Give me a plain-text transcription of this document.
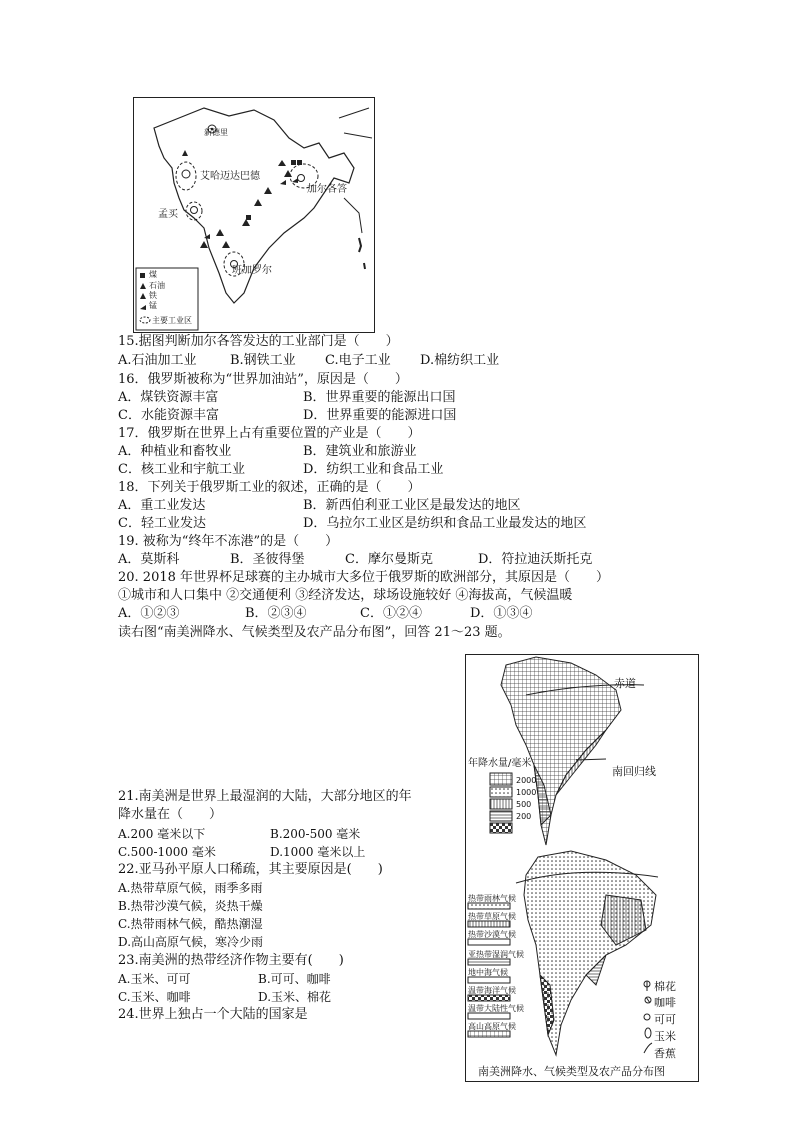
新德里
艾哈迈达巴德
加尔各答
孟买
班加罗尔
煤
石油
铁
锰
主要工业区
15.据图判断加尔各答发达的工业部门是（　　）
A.石油加工业	B.钢铁工业 C.电子工业 D.棉纺织工业
16．俄罗斯被称为“世界加油站”，原因是（　　）
A．煤铁资源丰富	B．世界重要的能源出口国
C．水能资源丰富	D．世界重要的能源进口国
17．俄罗斯在世界上占有重要位置的产业是（　　）
A．种植业和畜牧业	B．建筑业和旅游业
C．核工业和宇航工业	D．纺织工业和食品工业
18．下列关于俄罗斯工业的叙述，正确的是（　　）
A．重工业发达	B．新西伯利亚工业区是最发达的地区
C．轻工业发达	D．乌拉尔工业区是纺织和食品工业最发达的地区
19. 被称为“终年不冻港”的是（　　）
A．莫斯科	B．圣彼得堡	C．摩尔曼斯克	D．符拉迪沃斯托克
20. 2018 年世界杯足球赛的主办城市大多位于俄罗斯的欧洲部分，其原因是（　　）
①城市和人口集中 ②交通便利 ③经济发达，球场设施较好 ④海拔高，气候温暖
A．①②③	B．②③④	C．①②④	D．①③④
读右图“南美洲降水、气候类型及农产品分布图”，回答 21～23 题。
21.南美洲是世界上最湿润的大陆，大部分地区的年
降水量在（　　）
A.200 毫米以下	B.200-500 毫米
C.500-1000 毫米	D.1000 毫米以上
22.亚马孙平原人口稀疏，其主要原因是(　　)
A.热带草原气候，雨季多雨
B.热带沙漠气候，炎热干燥
C.热带雨林气候，酷热潮湿
D.高山高原气候，寒冷少雨
23.南美洲的热带经济作物主要有(　　)
A.玉米、可可	B.可可、咖啡
C.玉米、咖啡	D.玉米、棉花
24.世界上独占一个大陆的国家是
赤道
南回归线
年降水量/毫米
2000
1000
500
200
热带雨林气候
热带草原气候
热带沙漠气候
亚热带湿润气候
地中海气候
温带海洋气候
温带大陆性气候
高山高原气候
棉花
咖啡
可可
玉米
香蕉
南美洲降水、气候类型及农产品分布图
